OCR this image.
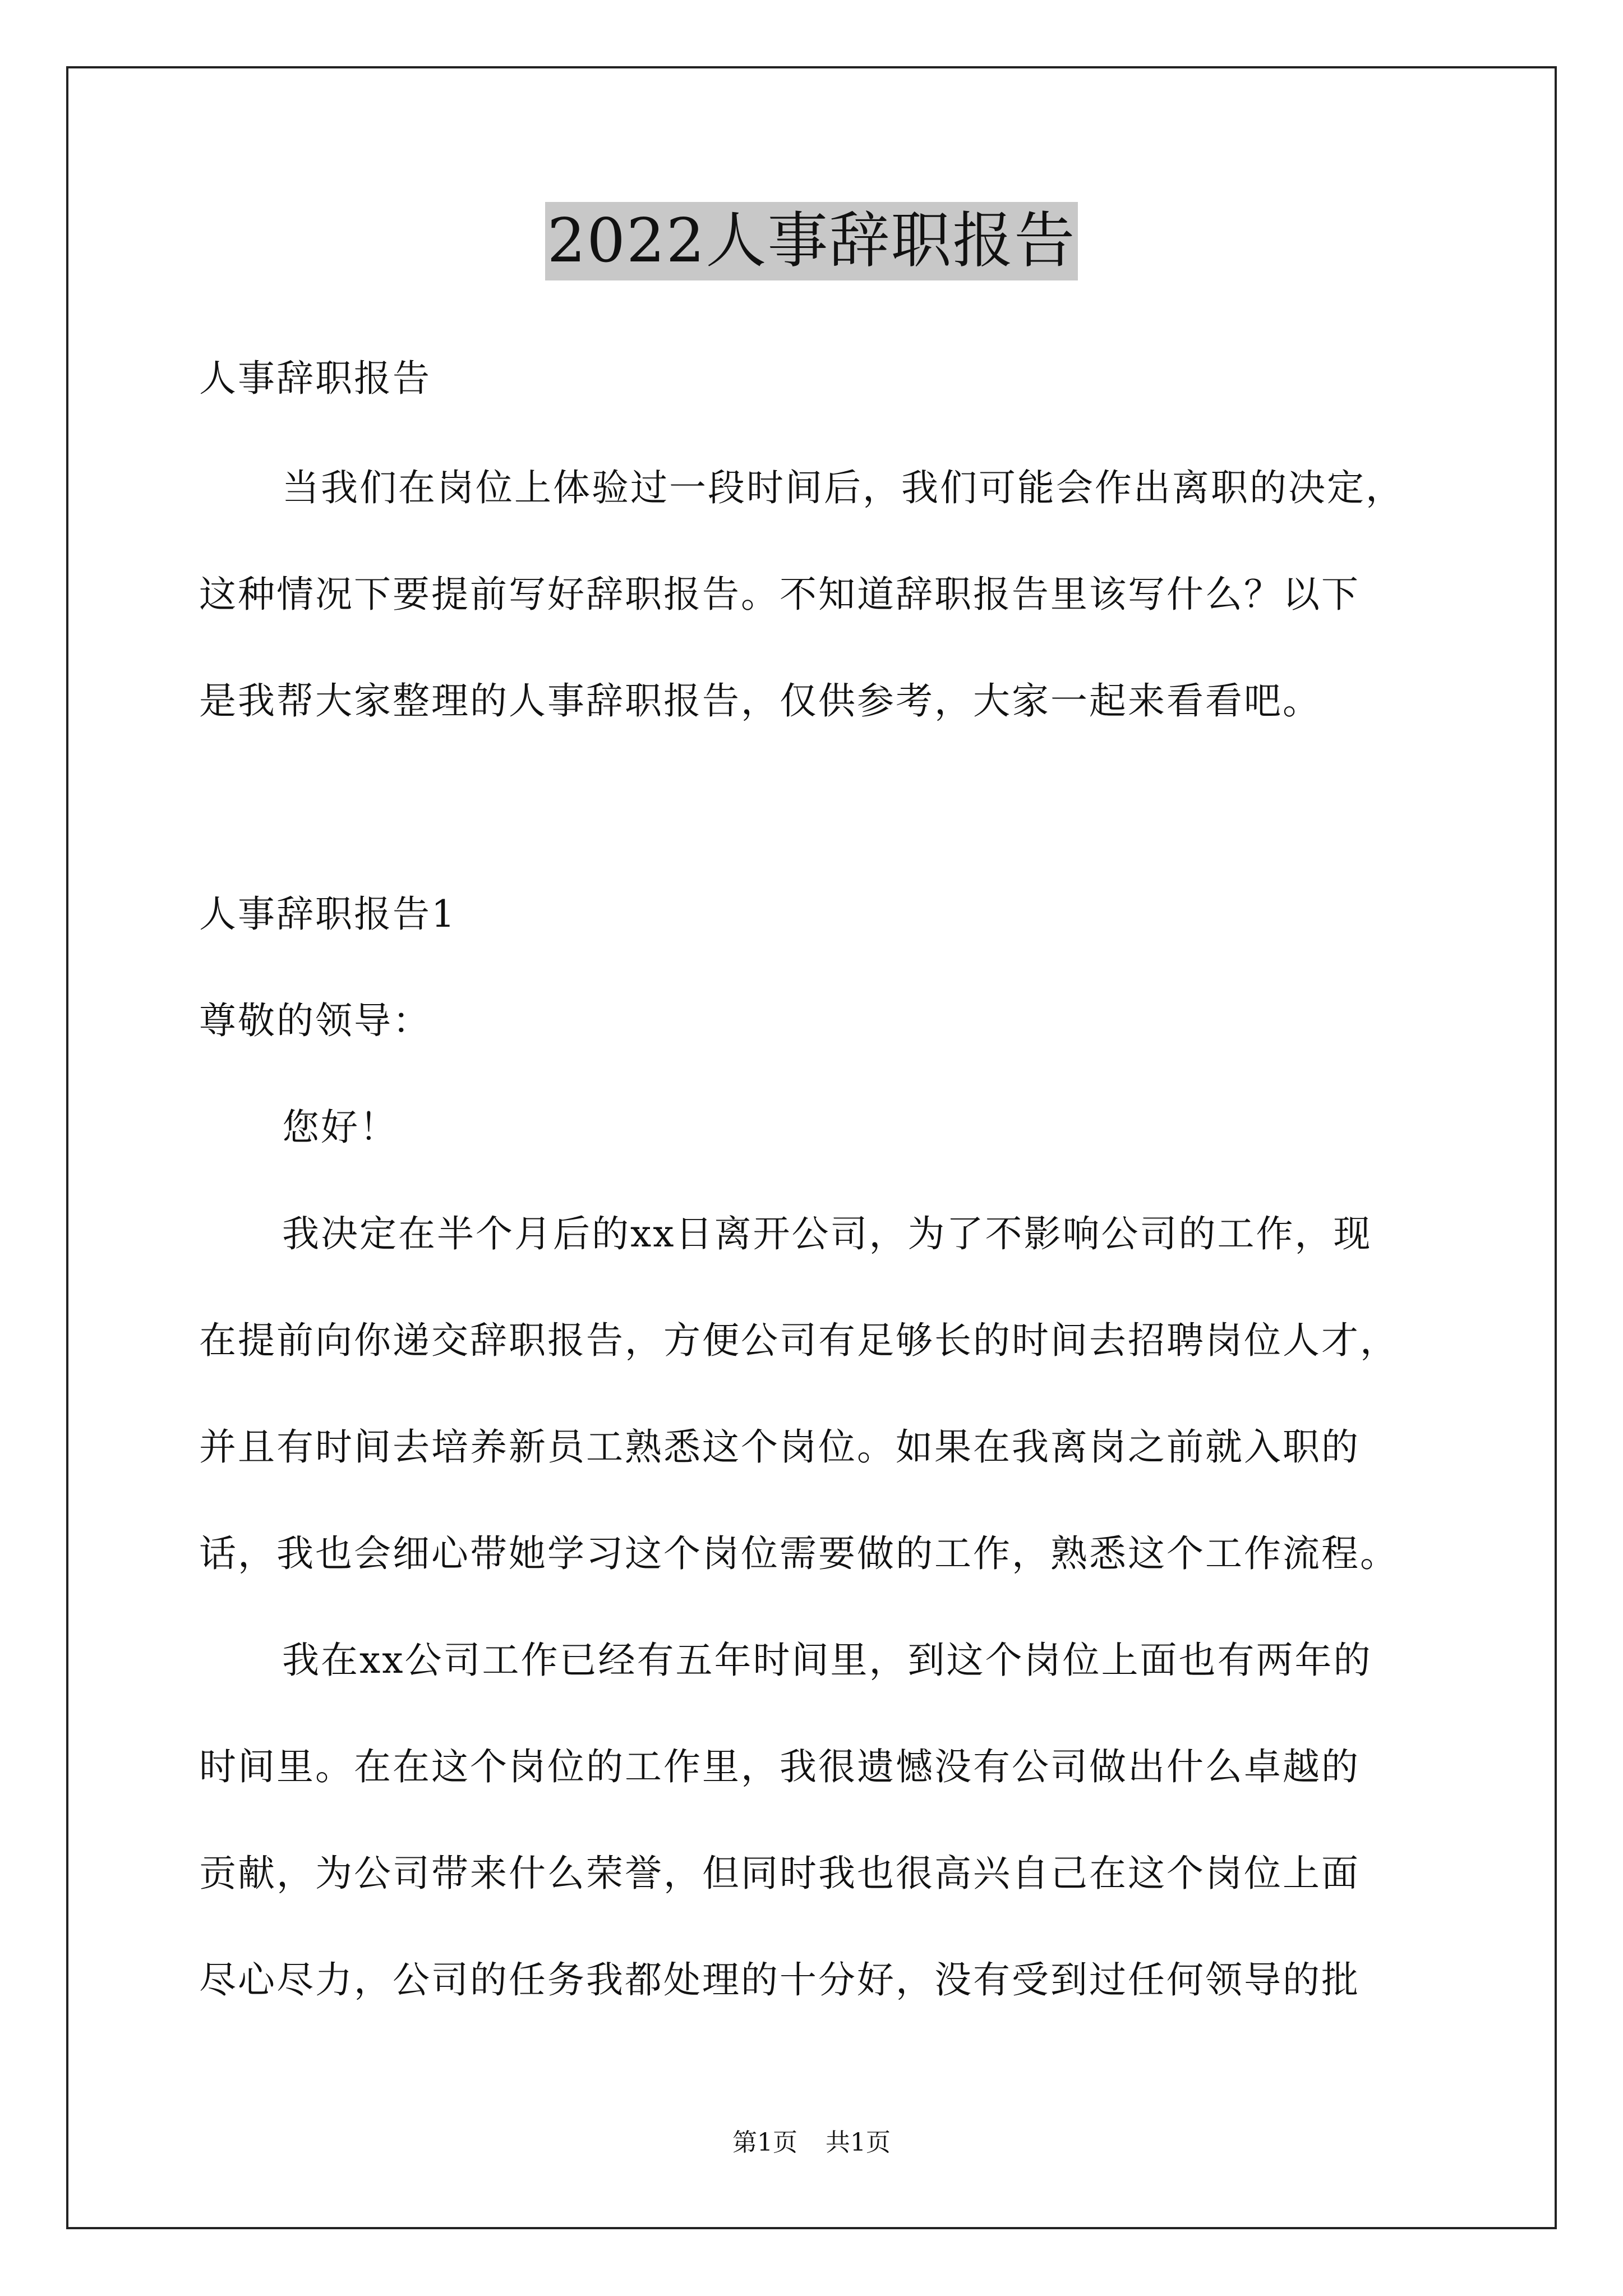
2022人事辞职报告
人事辞职报告
当我们在岗位上体验过一段时间后，我们可能会作出离职的决定，
这种情况下要提前写好辞职报告。不知道辞职报告里该写什么？以下
是我帮大家整理的人事辞职报告，仅供参考，大家一起来看看吧。
人事辞职报告1
尊敬的领导：
您好！
我决定在半个月后的xx日离开公司，为了不影响公司的工作，现
在提前向你递交辞职报告，方便公司有足够长的时间去招聘岗位人才，
并且有时间去培养新员工熟悉这个岗位。如果在我离岗之前就入职的
话，我也会细心带她学习这个岗位需要做的工作，熟悉这个工作流程。
我在xx公司工作已经有五年时间里，到这个岗位上面也有两年的
时间里。在在这个岗位的工作里，我很遗憾没有公司做出什么卓越的
贡献，为公司带来什么荣誉，但同时我也很高兴自己在这个岗位上面
尽心尽力，公司的任务我都处理的十分好，没有受到过任何领导的批
第1页 共1页
